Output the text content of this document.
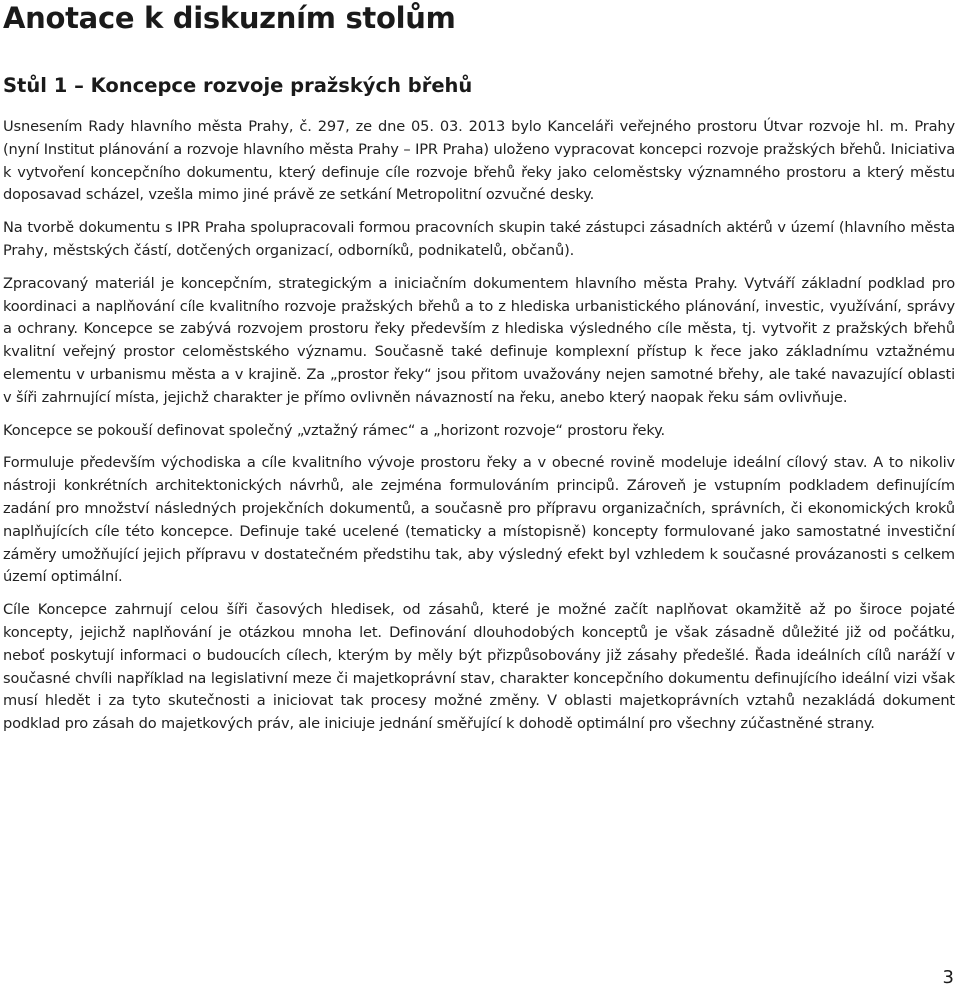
Anotace k diskuzním stolům
Stůl 1 – Koncepce rozvoje pražských břehů

Usnesením Rady hlavního města Prahy, č. 297, ze dne 05. 03. 2013 bylo Kanceláři veřejného prostoru Útvar rozvoje hl. m. Prahy (nyní Institut plánování a rozvoje hlavního města Prahy – IPR Praha) uloženo vypracovat koncepci rozvoje pražských břehů. Iniciativa k vytvoření koncepčního dokumentu, který definuje cíle rozvoje břehů řeky jako celoměstsky významného prostoru a který městu doposavad scházel, vzešla mimo jiné právě ze setkání Metropolitní ozvučné desky.

Na tvorbě dokumentu s IPR Praha spolupracovali formou pracovních skupin také zástupci zásadních aktérů v území (hlavního města Prahy, městských částí, dotčených organizací, odborníků, podnikatelů, občanů).

Zpracovaný materiál je koncepčním, strategickým a iniciačním dokumentem hlavního města Prahy. Vytváří základní podklad pro koordinaci a naplňování cíle kvalitního rozvoje pražských břehů a to z hlediska urbanistického plánování, investic, využívání, správy a ochrany. Koncepce se zabývá rozvojem prostoru řeky především z hlediska výsledného cíle města, tj. vytvořit z pražských břehů kvalitní veřejný prostor celoměstského významu. Současně také definuje komplexní přístup k řece jako základnímu vztažnému elementu v urbanismu města a v krajině. Za „prostor řeky“ jsou přitom uvažovány nejen samotné břehy, ale také navazující oblasti v šíři zahrnující místa, jejichž charakter je přímo ovlivněn návazností na řeku, anebo který naopak řeku sám ovlivňuje.

Koncepce se pokouší definovat společný „vztažný rámec“ a „horizont rozvoje“ prostoru řeky.

Formuluje především východiska a cíle kvalitního vývoje prostoru řeky a v obecné rovině modeluje ideální cílový stav. A to nikoliv nástroji konkrétních architektonických návrhů, ale zejména formulováním principů. Zároveň je vstupním podkladem definujícím zadání pro množství následných projekčních dokumentů, a současně pro přípravu organizačních, správních, či ekonomických kroků naplňujících cíle této koncepce. Definuje také ucelené (tematicky a místopisně) koncepty formulované jako samostatné investiční záměry umožňující jejich přípravu v dostatečném předstihu tak, aby výsledný efekt byl vzhledem k současné provázanosti s celkem území optimální.

Cíle Koncepce zahrnují celou šíři časových hledisek, od zásahů, které je možné začít naplňovat okamžitě až po široce pojaté koncepty, jejichž naplňování je otázkou mnoha let. Definování dlouhodobých konceptů je však zásadně důležité již od počátku, neboť poskytují informaci o budoucích cílech, kterým by měly být přizpůsobovány již zásahy předešlé. Řada ideálních cílů naráží v současné chvíli například na legislativní meze či majetkoprávní stav, charakter koncepčního dokumentu definujícího ideální vizi však musí hledět i za tyto skutečnosti a iniciovat tak procesy možné změny. V oblasti majetkoprávních vztahů nezakládá dokument podklad pro zásah do majetkových práv, ale iniciuje jednání směřující k dohodě optimální pro všechny zúčastněné strany.

3
